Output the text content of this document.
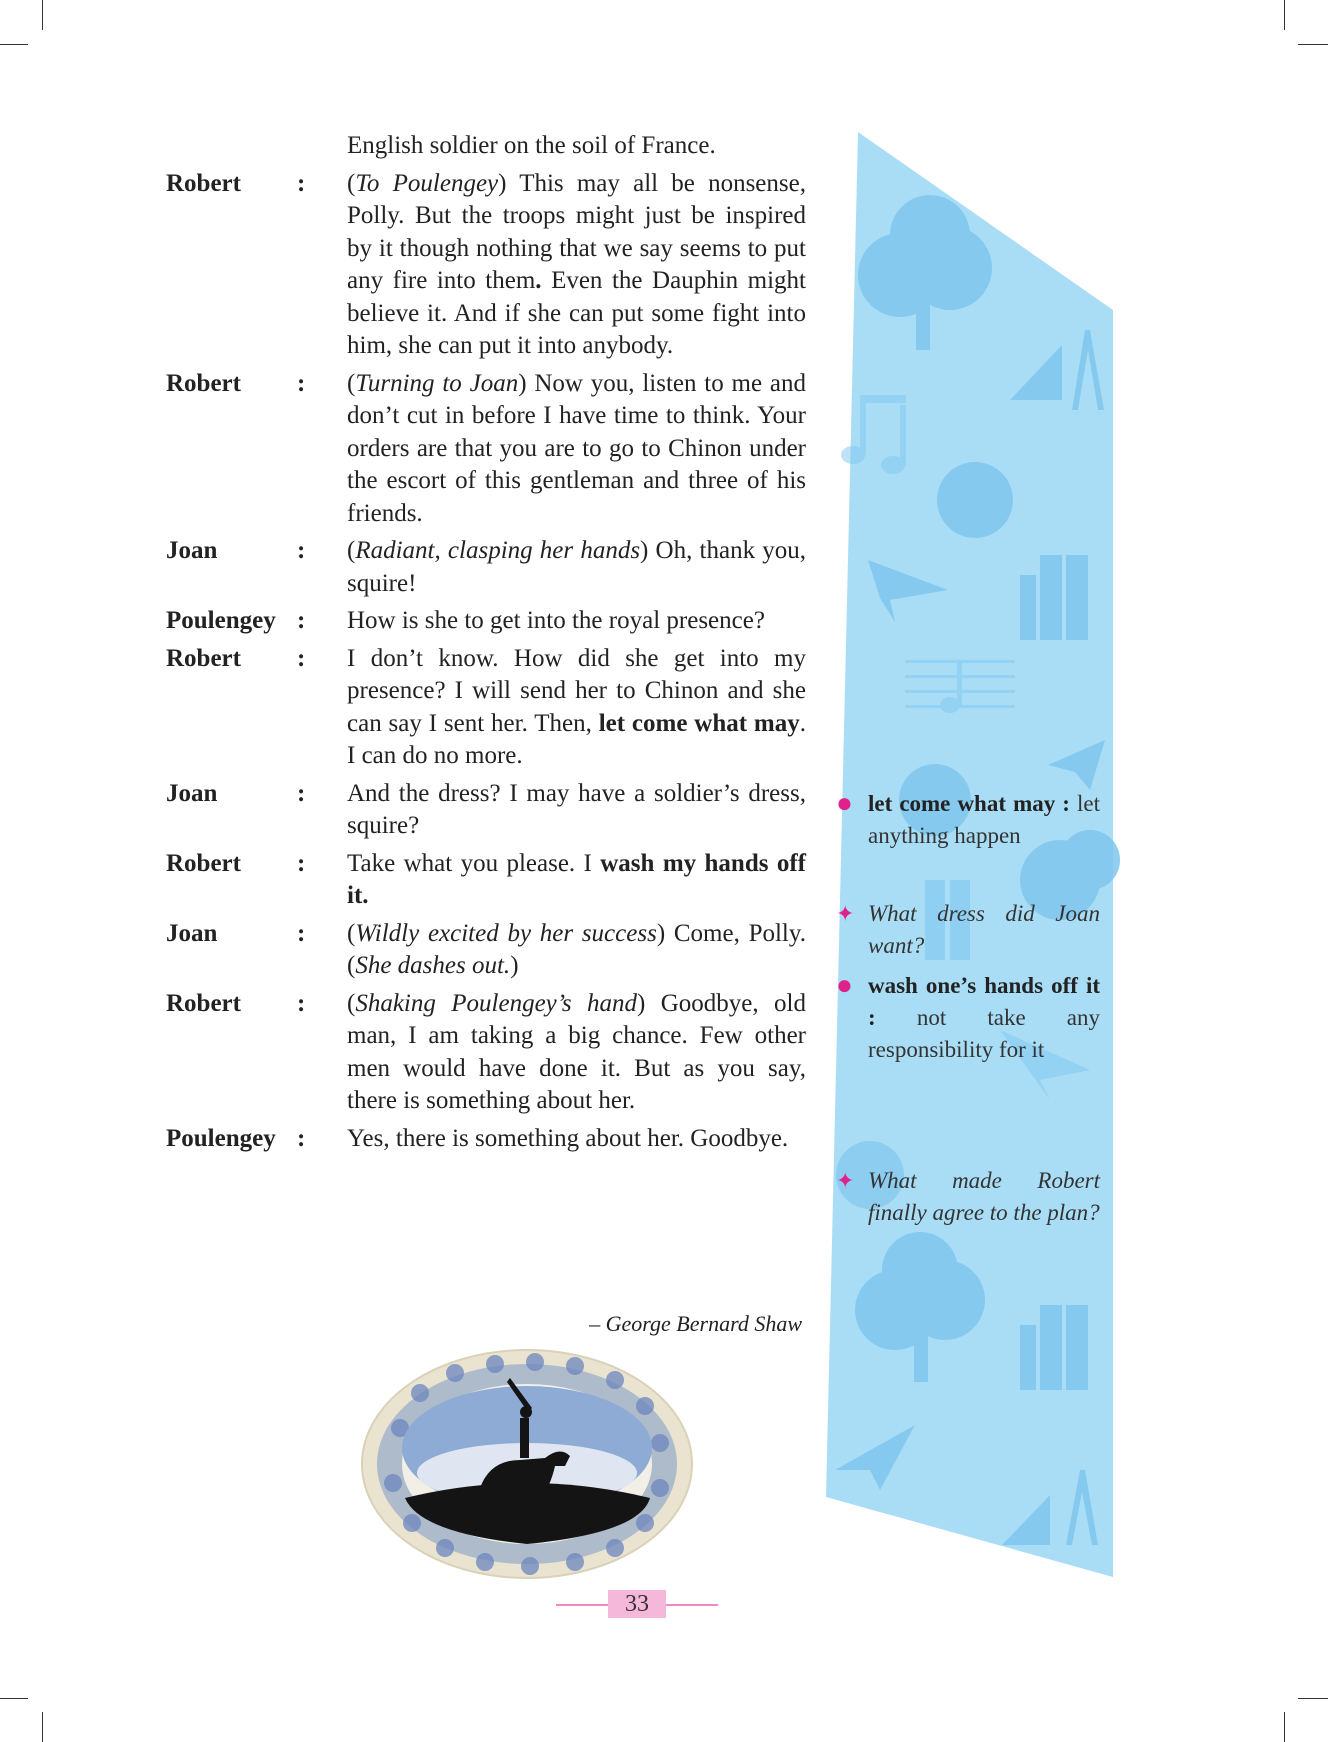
English soldier on the soil of France.
Robert	:	(To Poulengey) This may all be nonsense, Polly. But the troops might just be inspired by it though nothing that we say seems to put any fire into them. Even the Dauphin might believe it. And if she can put some fight into him, she can put it into anybody.
Robert	:	(Turning to Joan) Now you, listen to me and don’t cut in before I have time to think. Your orders are that you are to go to Chinon under the escort of this gentleman and three of his friends.
Joan	:	(Radiant, clasping her hands) Oh, thank you, squire!
Poulengey :	How is she to get into the royal presence?
Robert	:	I don’t know. How did she get into my presence? I will send her to Chinon and she can say I sent her. Then, let come what may. I can do no more.
Joan	:	And the dress? I may have a soldier’s dress, squire?
Robert	:	Take what you please. I wash my hands off it.
Joan	:	(Wildly excited by her success) Come, Polly. (She dashes out.)
Robert	:	(Shaking Poulengey’s hand) Goodbye, old man, I am taking a big chance. Few other men would have done it. But as you say, there is something about her.
Poulengey :	Yes, there is something about her. Goodbye.
– George Bernard Shaw
33
● let come what may : let anything happen
✦ What dress did Joan want?
● wash one’s hands off it : not take any responsibility for it
✦ What made Robert finally agree to the plan?
